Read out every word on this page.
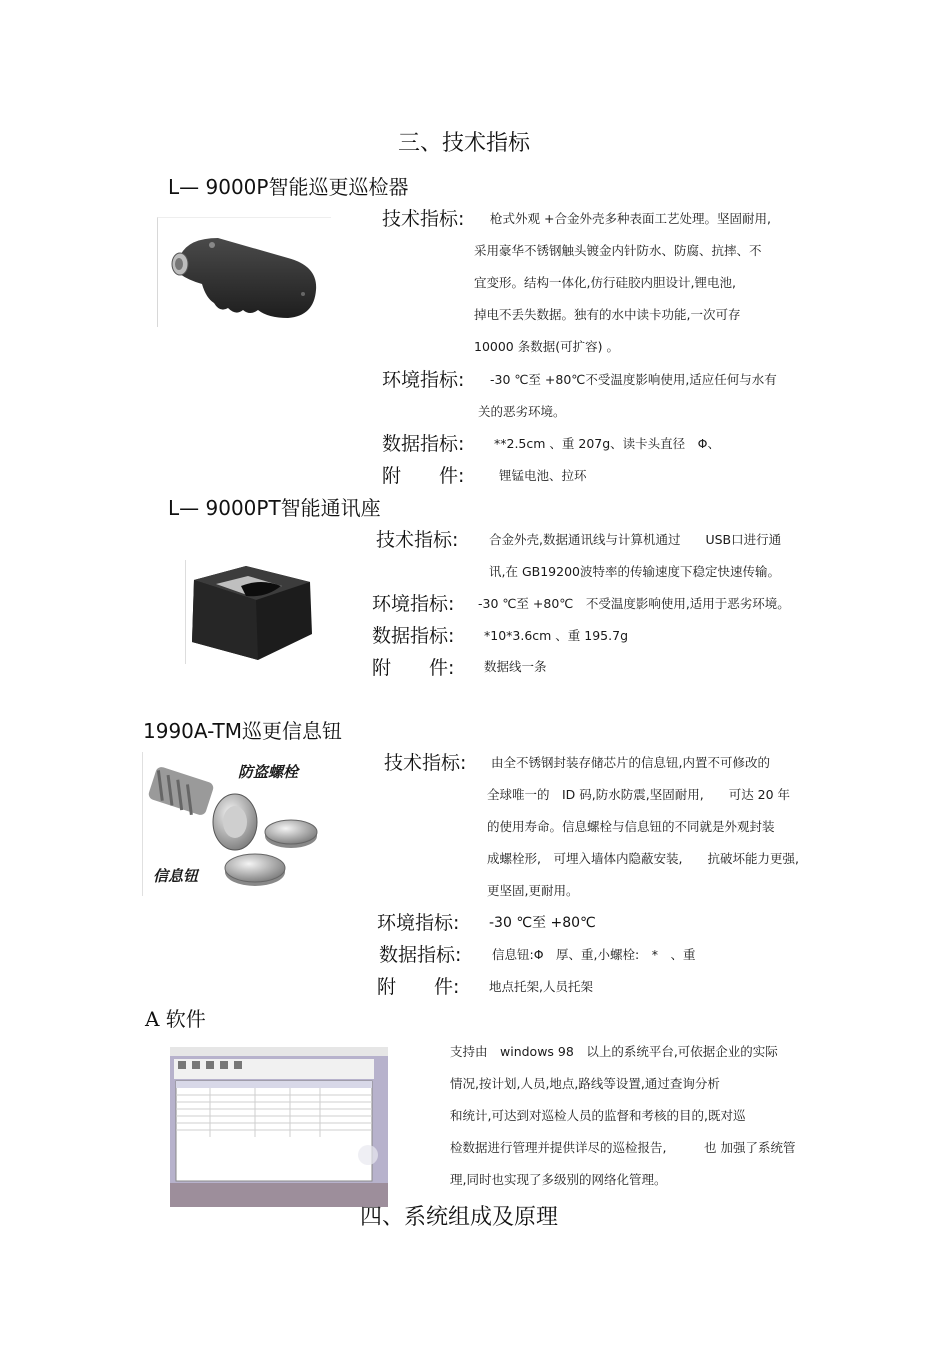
三、技术指标
L— 9000P智能巡更巡检器
技术指标: 枪式外观 +合金外壳多种表面工艺处理。坚固耐用,
采用豪华不锈钢触头镀金内针防水、防腐、抗摔、不
宜变形。结构一体化,仿行硅胶内胆设计,锂电池,
掉电不丢失数据。独有的水中读卡功能,一次可存
10000 条数据(可扩容) 。
环境指标: -30 ℃至 +80℃不受温度影响使用,适应任何与水有
关的恶劣环境。
数据指标: **2.5cm 、重 207g、读卡头直径　Φ、
附　　件:	锂锰电池、拉环
L— 9000PT智能通讯座
技术指标: 合金外壳,数据通讯线与计算机通过　　USB口进行通
讯,在 GB19200波特率的传输速度下稳定快速传输。
环境指标: -30 ℃至 +80℃　不受温度影响使用,适用于恶劣环境。
数据指标: *10*3.6cm 、重 195.7g
附　　件: 数据线一条
1990A-TM巡更信息钮
防盗螺栓
信息钮
技术指标: 由全不锈钢封装存储芯片的信息钮,内置不可修改的
全球唯一的　ID 码,防水防震,坚固耐用,　　可达 20 年
的使用寿命。信息螺栓与信息钮的不同就是外观封装
成螺栓形,　可埋入墙体内隐蔽安装,　　抗破坏能力更强,
更坚固,更耐用。
环境指标: -30 ℃至 +80℃
数据指标: 信息钮:Φ　厚、重,小螺栓:　*　、重
附　　件: 地点托架,人员托架
A 软件
支持由　windows 98　以上的系统平台,可依据企业的实际
情况,按计划,人员,地点,路线等设置,通过查询分析
和统计,可达到对巡检人员的监督和考核的目的,既对巡
检数据进行管理并提供详尽的巡检报告,　　　也 加强了系统管
理,同时也实现了多级别的网络化管理。
四、系统组成及原理
